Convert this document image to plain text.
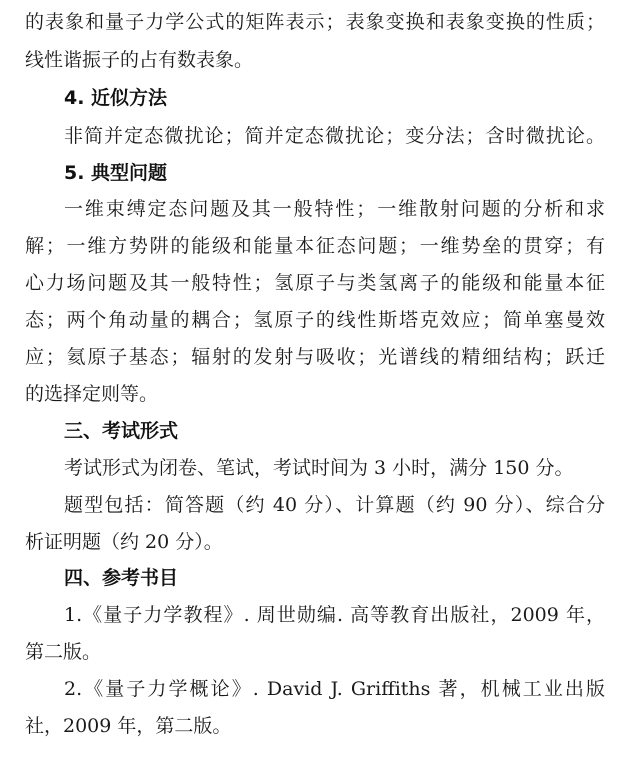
的表象和量子力学公式的矩阵表示；表象变换和表象变换的性质；
线性谐振子的占有数表象。
4. 近似方法
非简并定态微扰论；简并定态微扰论；变分法；含时微扰论。
5. 典型问题
一维束缚定态问题及其一般特性；一维散射问题的分析和求
解；一维方势阱的能级和能量本征态问题；一维势垒的贯穿；有
心力场问题及其一般特性；氢原子与类氢离子的能级和能量本征
态；两个角动量的耦合；氢原子的线性斯塔克效应；简单塞曼效
应；氦原子基态；辐射的发射与吸收；光谱线的精细结构；跃迁
的选择定则等。
三、考试形式
考试形式为闭卷、笔试，考试时间为 3 小时，满分 150 分。
题型包括：简答题（约 40 分）、计算题（约 90 分）、综合分
析证明题（约 20 分）。
四、参考书目
1.《量子力学教程》. 周世勋编. 高等教育出版社，2009 年，
第二版。
2.《量子力学概论》. David J. Griffiths 著，机械工业出版
社，2009 年，第二版。
